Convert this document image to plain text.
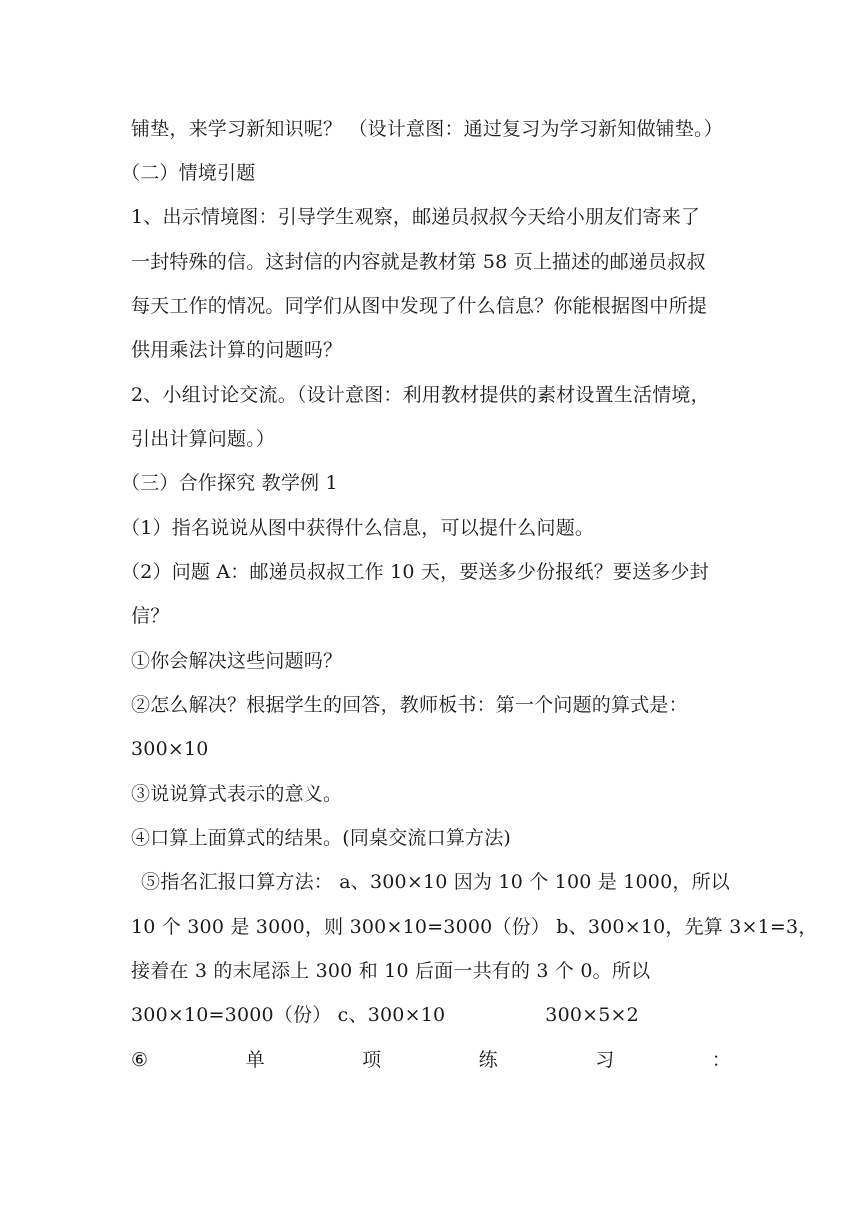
铺垫，来学习新知识呢？ （设计意图：通过复习为学习新知做铺垫。）
（二）情境引题
1、出示情境图：引导学生观察，邮递员叔叔今天给小朋友们寄来了
一封特殊的信。这封信的内容就是教材第 58 页上描述的邮递员叔叔
每天工作的情况。同学们从图中发现了什么信息？你能根据图中所提
供用乘法计算的问题吗？
2、小组讨论交流。（设计意图：利用教材提供的素材设置生活情境，
引出计算问题。）
（三）合作探究 教学例 1
（1）指名说说从图中获得什么信息，可以提什么问题。
（2）问题 A：邮递员叔叔工作 10 天，要送多少份报纸？要送多少封
信？
①你会解决这些问题吗？
②怎么解决？根据学生的回答，教师板书：第一个问题的算式是：
300×10
③说说算式表示的意义。
④口算上面算式的结果。(同桌交流口算方法)
⑤指名汇报口算方法： a、300×10 因为 10 个 100 是 1000，所以
10 个 300 是 3000，则 300×10=3000（份） b、300×10，先算 3×1=3，
接着在 3 的末尾添上 300 和 10 后面一共有的 3 个 0。所以
300×10=3000（份） c、300×10	300×5×2
⑥	单	项	练	习	：
